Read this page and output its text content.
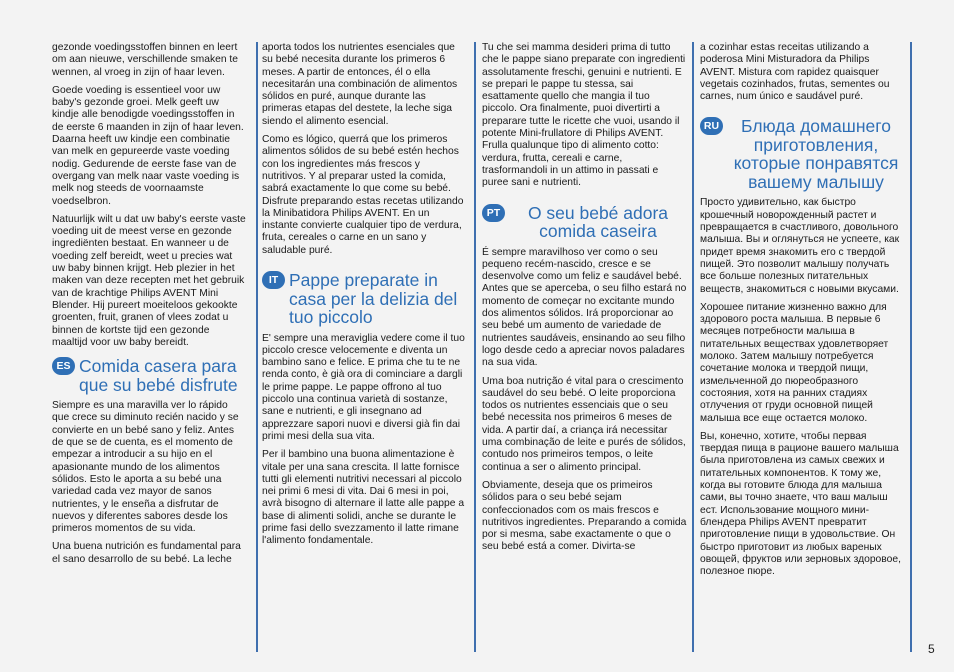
gezonde voedingsstoffen binnen en leert om aan nieuwe, verschillende smaken te wennen, al vroeg in zijn of haar leven.

Goede voeding is essentieel voor uw baby's gezonde groei. Melk geeft uw kindje alle benodigde voedingsstoffen in de eerste 6 maanden in zijn of haar leven. Daarna heeft uw kindje een combinatie van melk en gepureerde vaste voeding nodig. Gedurende de eerste fase van de overgang van melk naar vaste voeding is melk nog steeds de voornaamste voedselbron.

Natuurlijk wilt u dat uw baby's eerste vaste voeding uit de meest verse en gezonde ingrediënten bestaat. En wanneer u de voeding zelf bereidt, weet u precies wat uw baby binnen krijgt. Heb plezier in het maken van deze recepten met het gebruik van de krachtige Philips AVENT Mini Blender. Hij pureert moeiteloos gekookte groenten, fruit, granen of vlees zodat u binnen de kortste tijd een gezonde maaltijd voor uw baby bereidt.

ES Comida casera para
que su bebé disfrute

Siempre es una maravilla ver lo rápido que crece su diminuto recién nacido y se convierte en un bebé sano y feliz. Antes de que se de cuenta, es el momento de empezar a introducir a su hijo en el apasionante mundo de los alimentos sólidos. Esto le aporta a su bebé una variedad cada vez mayor de sanos nutrientes, y le enseña a disfrutar de nuevos y diferentes sabores desde los primeros momentos de su vida.

Una buena nutrición es fundamental para el sano desarrollo de su bebé. La leche

aporta todos los nutrientes esenciales que su bebé necesita durante los primeros 6 meses. A partir de entonces, él o ella necesitarán una combinación de alimentos sólidos en puré, aunque durante las primeras etapas del destete, la leche siga siendo el alimento esencial.

Como es lógico, querrá que los primeros alimentos sólidos de su bebé estén hechos con los ingredientes más frescos y nutritivos. Y al preparar usted la comida, sabrá exactamente lo que come su bebé. Disfrute preparando estas recetas utilizando la Minibatidora Philips AVENT. En un instante convierte cualquier tipo de verdura, fruta, cereales o carne en un sano y saludable puré.

IT Pappe preparate in
casa per la delizia del
tuo piccolo

E' sempre una meraviglia vedere come il tuo piccolo cresce velocemente e diventa un bambino sano e felice. E prima che tu te ne renda conto, è già ora di cominciare a dargli le prime pappe. Le pappe offrono al tuo piccolo una continua varietà di sostanze, sane e nutrienti, e gli insegnano ad apprezzare sapori nuovi e diversi già fin dai primi mesi della sua vita.

Per il bambino una buona alimentazione è vitale per una sana crescita. Il latte fornisce tutti gli elementi nutritivi necessari al piccolo nei primi 6 mesi di vita. Dai 6 mesi in poi, avrà bisogno di alternare il latte alle pappe a base di alimenti solidi, anche se durante le prime fasi dello svezzamento il latte rimane l'alimento fondamentale.

Tu che sei mamma desideri prima di tutto che le pappe siano preparate con ingredienti assolutamente freschi, genuini e nutrienti. E se prepari le pappe tu stessa, sai esattamente quello che mangia il tuo piccolo. Ora finalmente, puoi divertirti a preparare tutte le ricette che vuoi, usando il potente Mini-frullatore di Philips AVENT. Frulla qualunque tipo di alimento cotto: verdura, frutta, cereali e carne, trasformandoli in un attimo in passati e puree sani e nutrienti.

PT	O seu bebé adora
comida caseira

É sempre maravilhoso ver como o seu pequeno recém-nascido, cresce e se desenvolve como um feliz e saudável bebé. Antes que se aperceba, o seu filho estará no momento de começar no excitante mundo dos alimentos sólidos. Irá proporcionar ao seu bebé um aumento de variedade de nutrientes saudáveis, ensinando ao seu filho logo desde cedo a apreciar novos paladares na sua vida.

Uma boa nutrição é vital para o crescimento saudável do seu bebé. O leite proporciona todos os nutrientes essenciais que o seu bebé necessita nos primeiros 6 meses de vida. A partir daí, a criança irá necessitar uma combinação de leite e purés de sólidos, contudo nos primeiros tempos, o leite continua a ser o alimento principal.

Obviamente, deseja que os primeiros sólidos para o seu bebé sejam confeccionados com os mais frescos e nutritivos ingredientes. Preparando a comida por si mesma, sabe exactamente o que o seu bebé está a comer. Divirta-se

a cozinhar estas receitas utilizando a poderosa Mini Misturadora da Philips AVENT. Mistura com rapidez quaisquer vegetais cozinhados, frutas, sementes ou carnes, num único e saudável puré.

RU	Блюда домашнего
приготовления,
которые понравятся
вашему малышу

Просто удивительно, как быстро крошечный новорожденный растет и превращается в счастливого, довольного малыша. Вы и оглянуться не успеете, как придет время знакомить его с твердой пищей. Это позволит малышу получать все больше полезных питательных веществ, знакомиться с новыми вкусами.

Хорошее питание жизненно важно для здорового роста малыша. В первые 6 месяцев потребности малыша в питательных веществах удовлетворяет молоко. Затем малышу потребуется сочетание молока и твердой пищи, измельченной до пюреобразного состояния, хотя на ранних стадиях отлучения от груди основной пищей малыша все еще остается молоко.

Вы, конечно, хотите, чтобы первая твердая пища в рационе вашего малыша была приготовлена из самых свежих и питательных компонентов. К тому же, когда вы готовите блюда для малыша сами, вы точно знаете, что ваш малыш ест. Использование мощного мини-блендера Philips AVENT превратит приготовление пищи в удовольствие. Он быстро приготовит из любых вареных овощей, фруктов или зерновых здоровое, полезное пюре.

5
